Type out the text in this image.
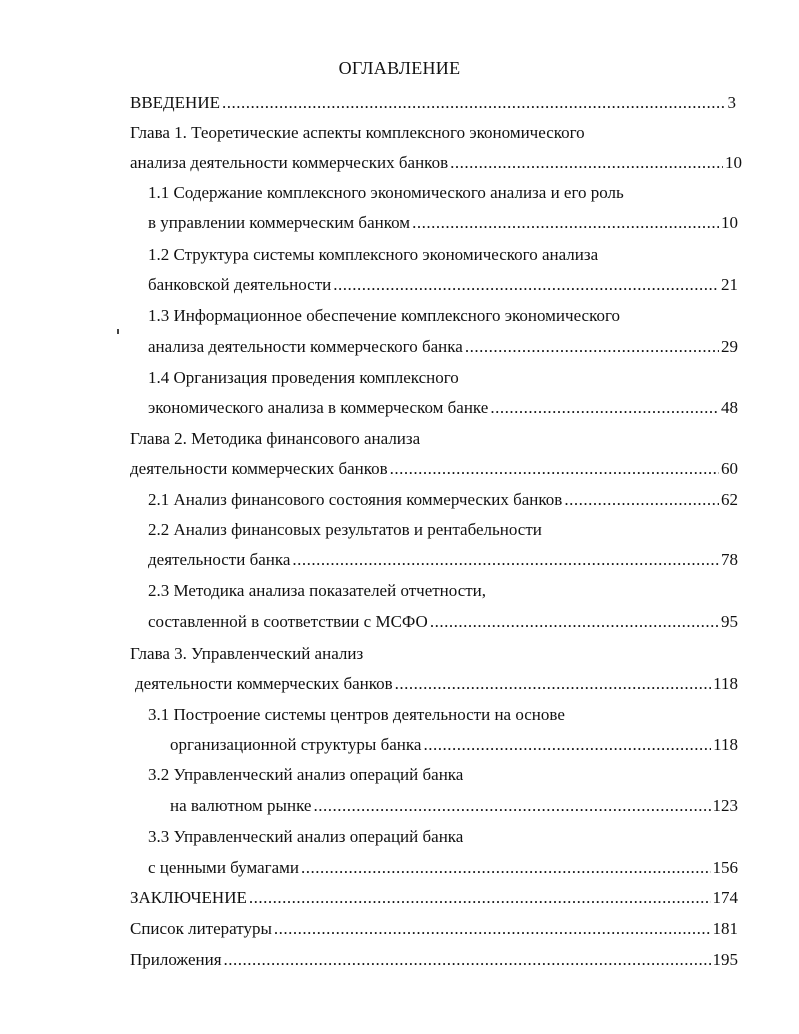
ОГЛАВЛЕНИЕ
ВВЕДЕНИЕ .....	3
Глава 1. Теоретические аспекты комплексного экономического
анализа деятельности коммерческих банков .....	10
1.1 Содержание комплексного экономического анализа и его роль
в управлении коммерческим банком .....	10
1.2 Структура системы комплексного экономического анализа
банковской деятельности .....	21
1.3 Информационное обеспечение комплексного экономического
анализа деятельности коммерческого банка .....	29
1.4 Организация проведения комплексного
экономического анализа в коммерческом банке .....	48
Глава 2. Методика финансового анализа
деятельности коммерческих банков .....	60
2.1 Анализ финансового состояния коммерческих банков .....	62
2.2 Анализ финансовых результатов и рентабельности
деятельности банка .....	78
2.3 Методика анализа показателей отчетности,
составленной в соответствии с МСФО .....	95
Глава 3. Управленческий анализ
деятельности коммерческих банков .....	118
3.1 Построение системы центров деятельности на основе
организационной структуры банка .....	118
3.2 Управленческий анализ операций банка
на валютном рынке .....	123
3.3 Управленческий анализ операций банка
с ценными бумагами .....	156
ЗАКЛЮЧЕНИЕ .....	174
Список литературы .....	181
Приложения .....	195
